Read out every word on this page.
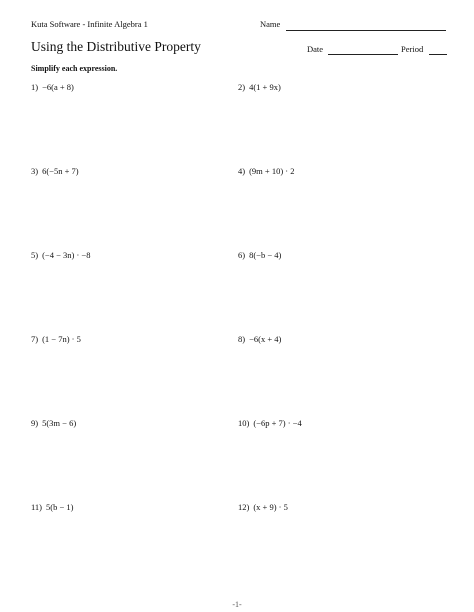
Kuta Software - Infinite Algebra 1	Name
Using the Distributive Property	Date	Period
Simplify each expression.
1) −6(a + 8)	2) 4(1 + 9x)
3) 6(−5n + 7)	4) (9m + 10) · 2
5) (−4 − 3n) · −8	6) 8(−b − 4)
7) (1 − 7n) · 5	8) −6(x + 4)
9) 5(3m − 6)	10) (−6p + 7) · −4
11) 5(b − 1)	12) (x + 9) · 5
-1-
